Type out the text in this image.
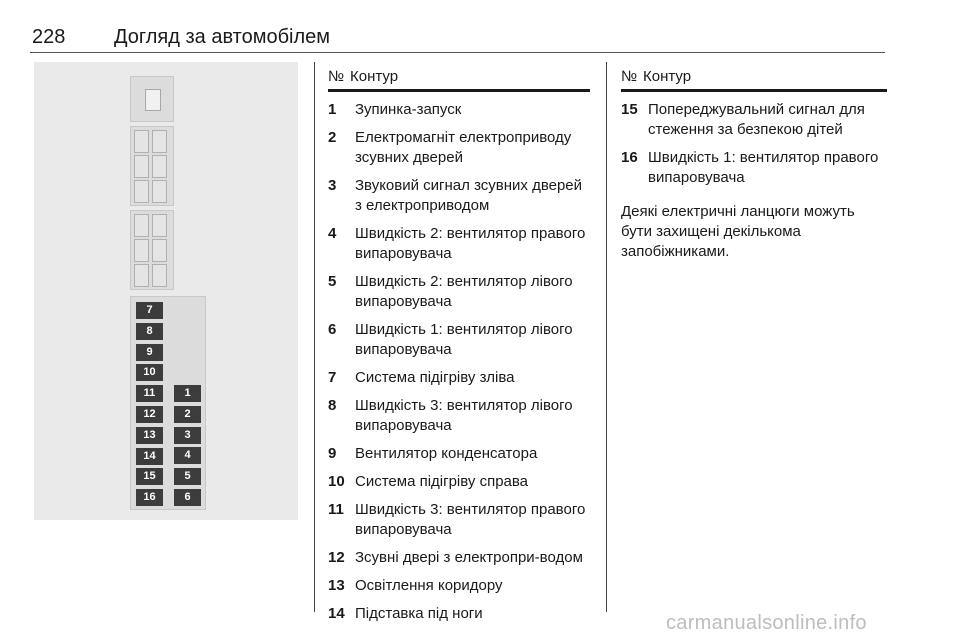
228 Догляд за автомобілем
7
8
9
10
11
12
13
14
15
16
1
2
3
4
5
6
№ Контур
1 Зупинка-запуск
2 Електромагніт електроприводу зсувних дверей
3 Звуковий сигнал зсувних дверей з електроприводом
4 Швидкість 2: вентилятор правого випаровувача
5 Швидкість 2: вентилятор лівого випаровувача
6 Швидкість 1: вентилятор лівого випаровувача
7 Система підігріву зліва
8 Швидкість 3: вентилятор лівого випаровувача
9 Вентилятор конденсатора
10 Система підігріву справа
11 Швидкість 3: вентилятор правого випаровувача
12 Зсувні двері з електропри-водом
13 Освітлення коридору
14 Підставка під ноги
№ Контур
15 Попереджувальний сигнал для стеження за безпекою дітей
16 Швидкість 1: вентилятор правого випаровувача
Деякі електричні ланцюги можуть бути захищені декількома запобіжниками.
carmanualsonline.info
